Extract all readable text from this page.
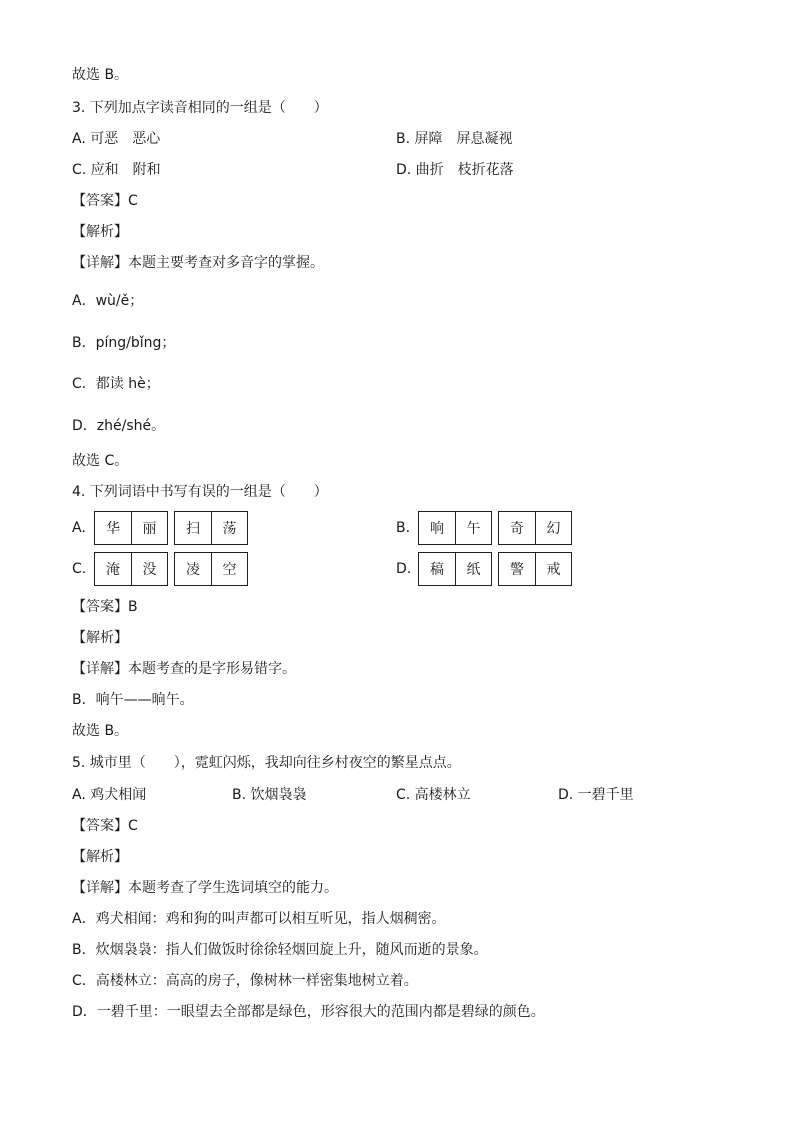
故选 B。
3. 下列加点字读音相同的一组是（　　）
A. 可恶　恶心	B. 屏障　屏息凝视
C. 应和　附和	D. 曲折　枝折花落
【答案】C
【解析】
【详解】本题主要考查对多音字的掌握。
A．wù/ě；
B．píng/bǐng；
C．都读 hè；
D．zhé/shé。
故选 C。
4. 下列词语中书写有误的一组是（　　）
A.	华	丽	扫	荡	B.	响	午	奇	幻
C.	淹	没	凌	空	D.	稿	纸	警	戒
【答案】B
【解析】
【详解】本题考查的是字形易错字。
B．响午——晌午。
故选 B。
5. 城市里（　　），霓虹闪烁，我却向往乡村夜空的繁星点点。
A. 鸡犬相闻	B. 饮烟袅袅	C. 高楼林立	D. 一碧千里
【答案】C
【解析】
【详解】本题考查了学生选词填空的能力。
A．鸡犬相闻：鸡和狗的叫声都可以相互听见，指人烟稠密。
B．炊烟袅袅：指人们做饭时徐徐轻烟回旋上升，随风而逝的景象。
C．高楼林立：高高的房子，像树林一样密集地树立着。
D．一碧千里：一眼望去全部都是绿色，形容很大的范围内都是碧绿的颜色。
